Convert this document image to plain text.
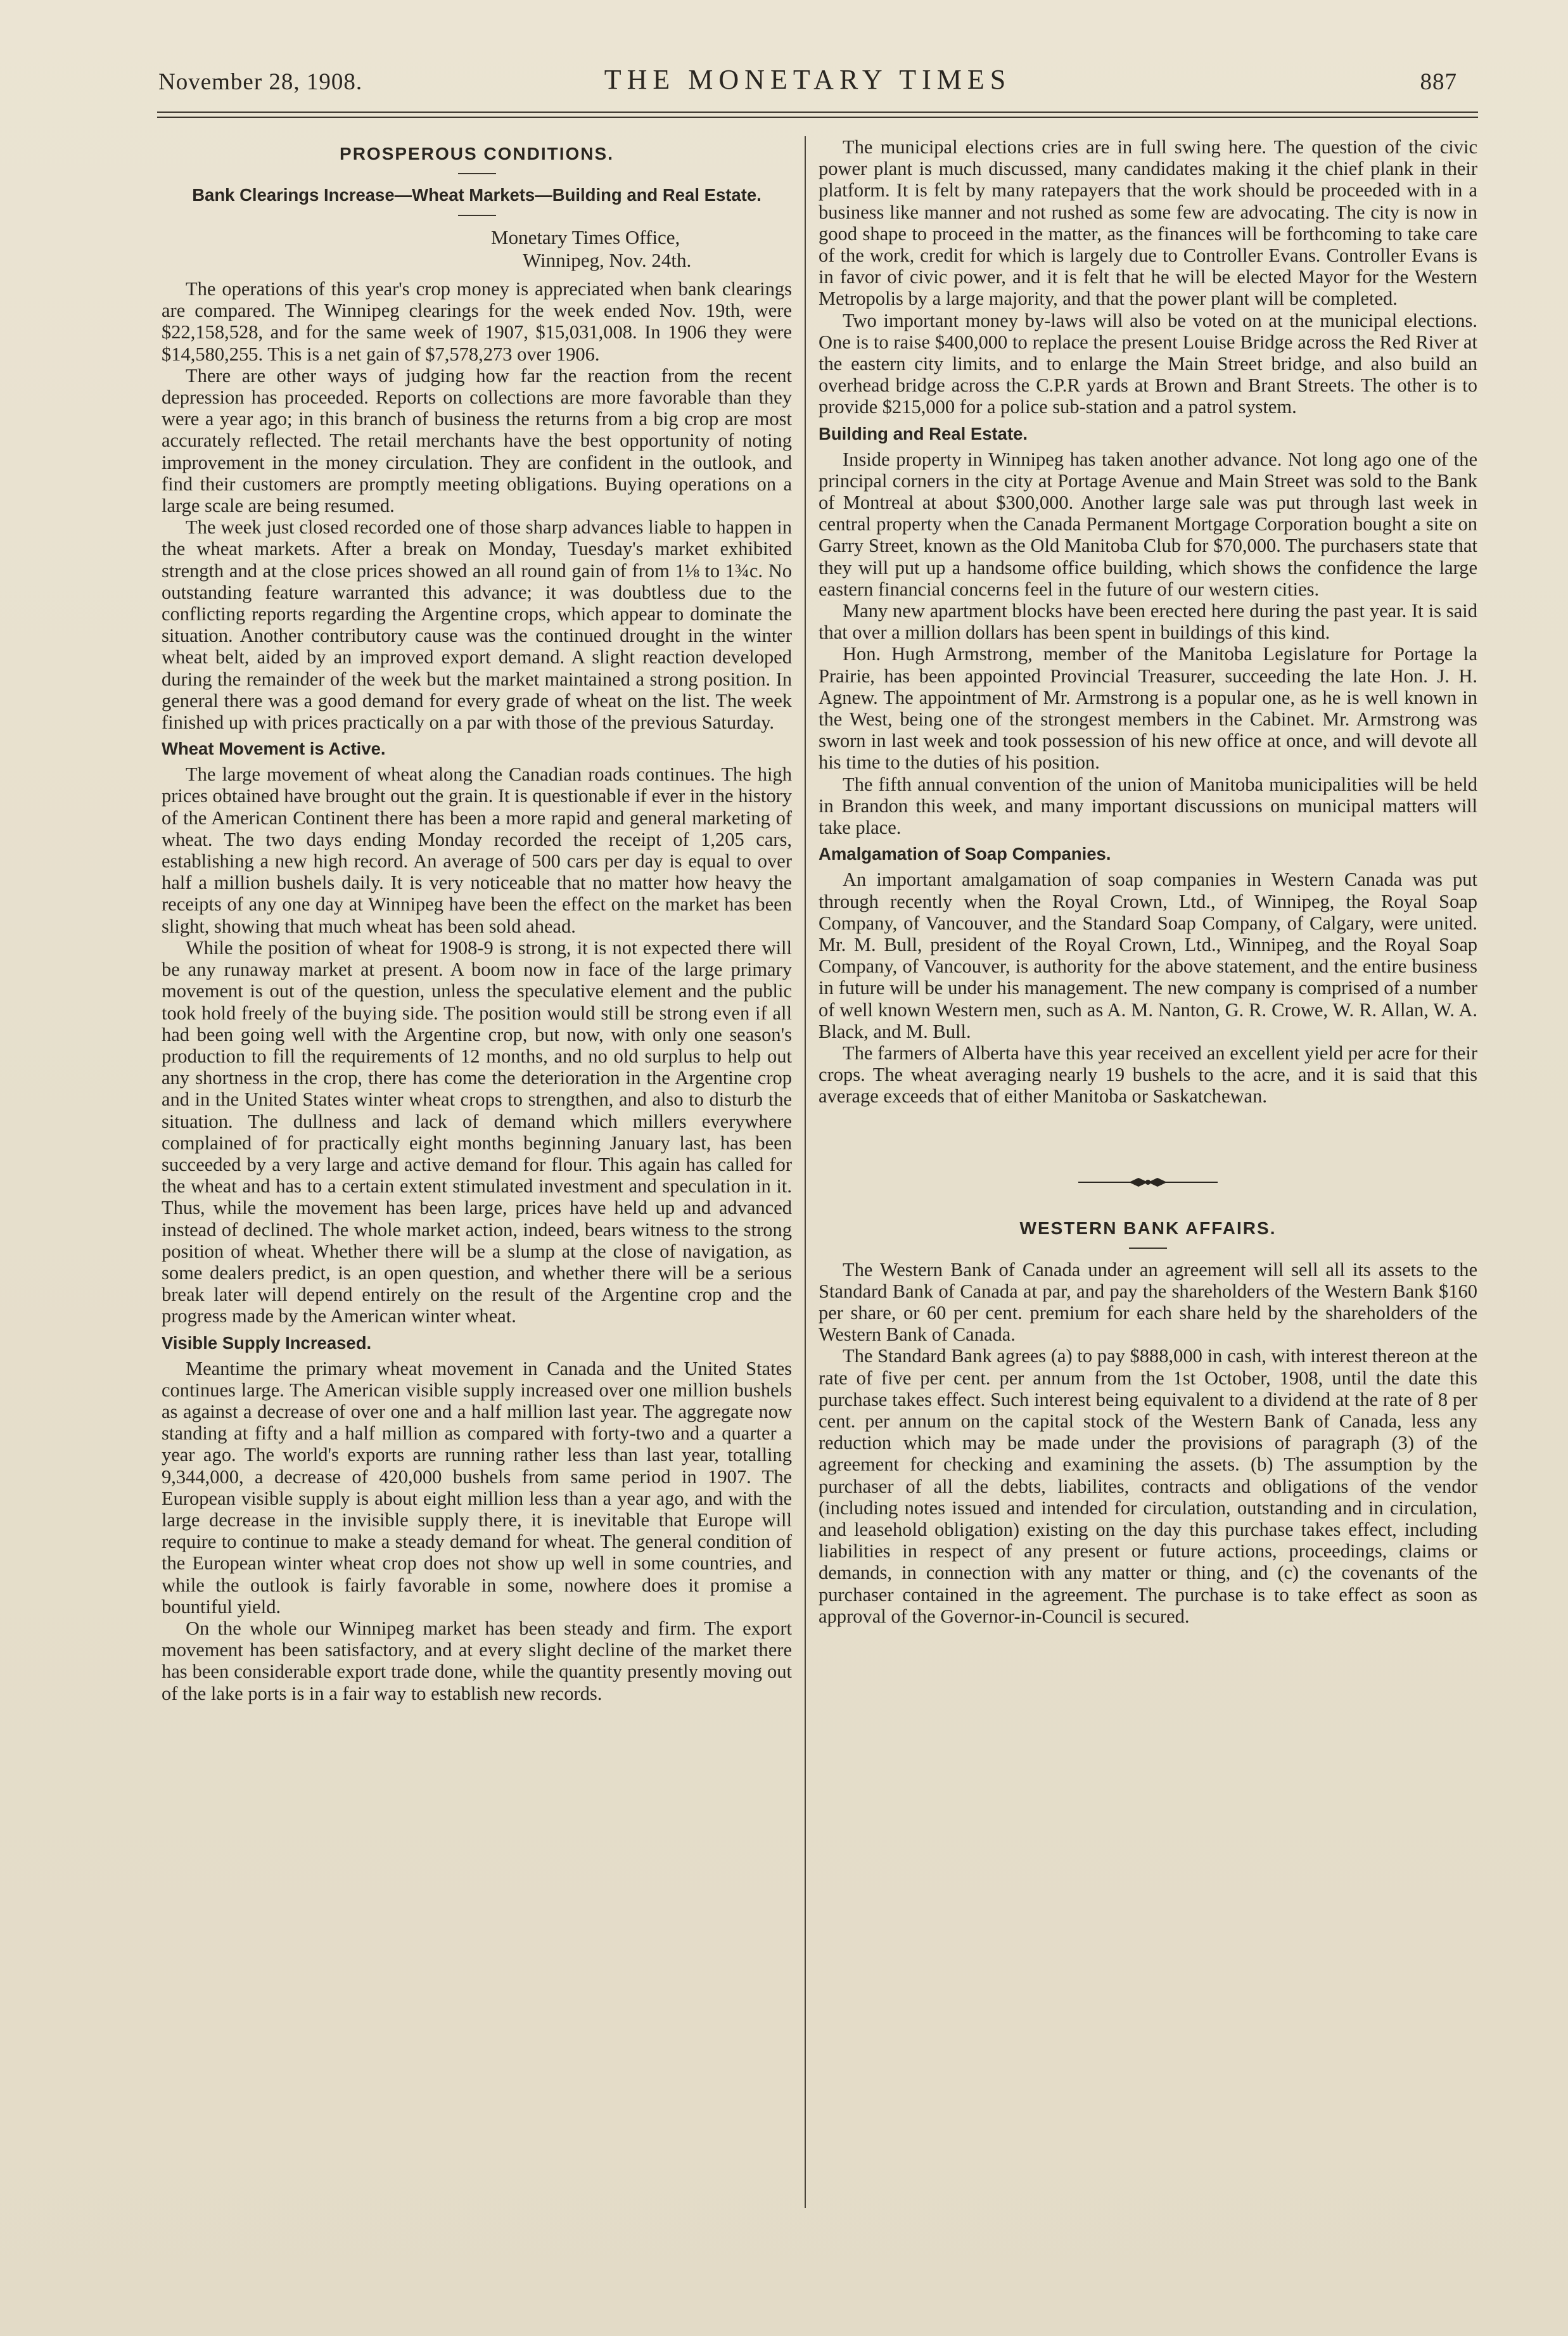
November 28, 1908.	THE MONETARY TIMES	887
PROSPEROUS CONDITIONS.
Bank Clearings Increase—Wheat Markets—Building and Real Estate.
Monetary Times Office,
Winnipeg, Nov. 24th.

The operations of this year's crop money is appreciated when bank clearings are compared. The Winnipeg clearings for the week ended Nov. 19th, were $22,158,528, and for the same week of 1907, $15,031,008. In 1906 they were $14,580,255. This is a net gain of $7,578,273 over 1906.

There are other ways of judging how far the reaction from the recent depression has proceeded. Reports on collections are more favorable than they were a year ago; in this branch of business the returns from a big crop are most accurately reflected. The retail merchants have the best opportunity of noting improvement in the money circulation. They are confident in the outlook, and find their customers are promptly meeting obligations. Buying operations on a large scale are being resumed.

The week just closed recorded one of those sharp advances liable to happen in the wheat markets. After a break on Monday, Tuesday's market exhibited strength and at the close prices showed an all round gain of from 1⅛ to 1¾c. No outstanding feature warranted this advance; it was doubtless due to the conflicting reports regarding the Argentine crops, which appear to dominate the situation. Another contributory cause was the continued drought in the winter wheat belt, aided by an improved export demand. A slight reaction developed during the remainder of the week but the market maintained a strong position. In general there was a good demand for every grade of wheat on the list. The week finished up with prices practically on a par with those of the previous Saturday.

Wheat Movement is Active.

The large movement of wheat along the Canadian roads continues. The high prices obtained have brought out the grain. It is questionable if ever in the history of the American Continent there has been a more rapid and general marketing of wheat. The two days ending Monday recorded the receipt of 1,205 cars, establishing a new high record. An average of 500 cars per day is equal to over half a million bushels daily. It is very noticeable that no matter how heavy the receipts of any one day at Winnipeg have been the effect on the market has been slight, showing that much wheat has been sold ahead.

While the position of wheat for 1908-9 is strong, it is not expected there will be any runaway market at present. A boom now in face of the large primary movement is out of the question, unless the speculative element and the public took hold freely of the buying side. The position would still be strong even if all had been going well with the Argentine crop, but now, with only one season's production to fill the requirements of 12 months, and no old surplus to help out any shortness in the crop, there has come the deterioration in the Argentine crop and in the United States winter wheat crops to strengthen, and also to disturb the situation. The dullness and lack of demand which millers everywhere complained of for practically eight months beginning January last, has been succeeded by a very large and active demand for flour. This again has called for the wheat and has to a certain extent stimulated investment and speculation in it. Thus, while the movement has been large, prices have held up and advanced instead of declined. The whole market action, indeed, bears witness to the strong position of wheat. Whether there will be a slump at the close of navigation, as some dealers predict, is an open question, and whether there will be a serious break later will depend entirely on the result of the Argentine crop and the progress made by the American winter wheat.

Visible Supply Increased.

Meantime the primary wheat movement in Canada and the United States continues large. The American visible supply increased over one million bushels as against a decrease of over one and a half million last year. The aggregate now standing at fifty and a half million as compared with forty-two and a quarter a year ago. The world's exports are running rather less than last year, totalling 9,344,000, a decrease of 420,000 bushels from same period in 1907. The European visible supply is about eight million less than a year ago, and with the large decrease in the invisible supply there, it is inevitable that Europe will require to continue to make a steady demand for wheat. The general condition of the European winter wheat crop does not show up well in some countries, and while the outlook is fairly favorable in some, nowhere does it promise a bountiful yield.

On the whole our Winnipeg market has been steady and firm. The export movement has been satisfactory, and at every slight decline of the market there has been considerable export trade done, while the quantity presently moving out of the lake ports is in a fair way to establish new records.

The municipal elections cries are in full swing here. The question of the civic power plant is much discussed, many candidates making it the chief plank in their platform. It is felt by many ratepayers that the work should be proceeded with in a business like manner and not rushed as some few are advocating. The city is now in good shape to proceed in the matter, as the finances will be forthcoming to take care of the work, credit for which is largely due to Controller Evans. Controller Evans is in favor of civic power, and it is felt that he will be elected Mayor for the Western Metropolis by a large majority, and that the power plant will be completed.

Two important money by-laws will also be voted on at the municipal elections. One is to raise $400,000 to replace the present Louise Bridge across the Red River at the eastern city limits, and to enlarge the Main Street bridge, and also build an overhead bridge across the C.P.R yards at Brown and Brant Streets. The other is to provide $215,000 for a police sub-station and a patrol system.

Building and Real Estate.

Inside property in Winnipeg has taken another advance. Not long ago one of the principal corners in the city at Portage Avenue and Main Street was sold to the Bank of Montreal at about $300,000. Another large sale was put through last week in central property when the Canada Permanent Mortgage Corporation bought a site on Garry Street, known as the Old Manitoba Club for $70,000. The purchasers state that they will put up a handsome office building, which shows the confidence the large eastern financial concerns feel in the future of our western cities.

Many new apartment blocks have been erected here during the past year. It is said that over a million dollars has been spent in buildings of this kind.

Hon. Hugh Armstrong, member of the Manitoba Legislature for Portage la Prairie, has been appointed Provincial Treasurer, succeeding the late Hon. J. H. Agnew. The appointment of Mr. Armstrong is a popular one, as he is well known in the West, being one of the strongest members in the Cabinet. Mr. Armstrong was sworn in last week and took possession of his new office at once, and will devote all his time to the duties of his position.

The fifth annual convention of the union of Manitoba municipalities will be held in Brandon this week, and many important discussions on municipal matters will take place.

Amalgamation of Soap Companies.

An important amalgamation of soap companies in Western Canada was put through recently when the Royal Crown, Ltd., of Winnipeg, the Royal Soap Company, of Vancouver, and the Standard Soap Company, of Calgary, were united. Mr. M. Bull, president of the Royal Crown, Ltd., Winnipeg, and the Royal Soap Company, of Vancouver, is authority for the above statement, and the entire business in future will be under his management. The new company is comprised of a number of well known Western men, such as A. M. Nanton, G. R. Crowe, W. R. Allan, W. A. Black, and M. Bull.

The farmers of Alberta have this year received an excellent yield per acre for their crops. The wheat averaging nearly 19 bushels to the acre, and it is said that this average exceeds that of either Manitoba or Saskatchewan.

WESTERN BANK AFFAIRS.

The Western Bank of Canada under an agreement will sell all its assets to the Standard Bank of Canada at par, and pay the shareholders of the Western Bank $160 per share, or 60 per cent. premium for each share held by the shareholders of the Western Bank of Canada.

The Standard Bank agrees (a) to pay $888,000 in cash, with interest thereon at the rate of five per cent. per annum from the 1st October, 1908, until the date this purchase takes effect. Such interest being equivalent to a dividend at the rate of 8 per cent. per annum on the capital stock of the Western Bank of Canada, less any reduction which may be made under the provisions of paragraph (3) of the agreement for checking and examining the assets. (b) The assumption by the purchaser of all the debts, liabilites, contracts and obligations of the vendor (including notes issued and intended for circulation, outstanding and in circulation, and leasehold obligation) existing on the day this purchase takes effect, including liabilities in respect of any present or future actions, proceedings, claims or demands, in connection with any matter or thing, and (c) the covenants of the purchaser contained in the agreement. The purchase is to take effect as soon as approval of the Governor-in-Council is secured.
